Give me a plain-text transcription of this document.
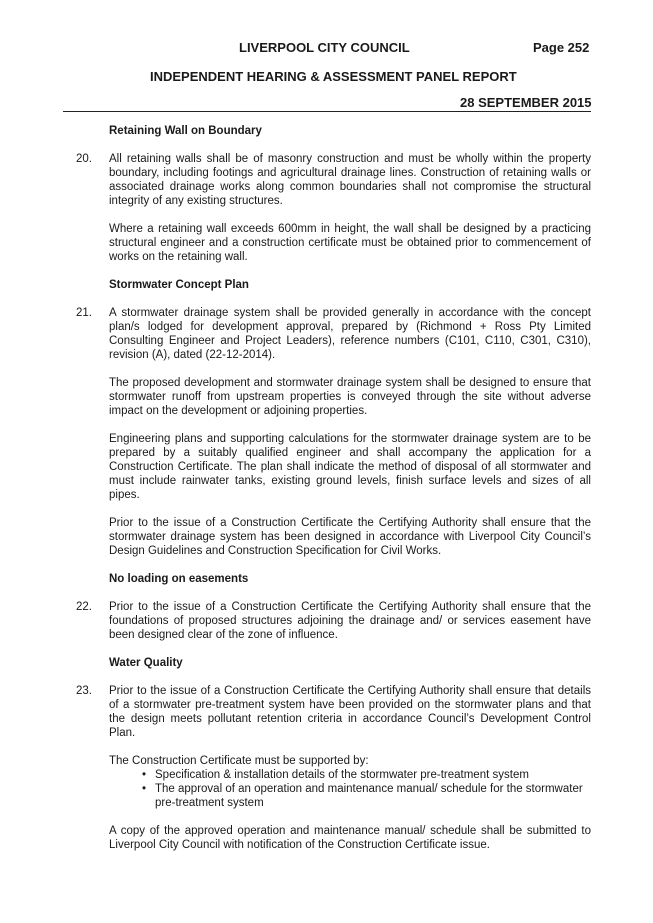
LIVERPOOL CITY COUNCIL	Page 252
INDEPENDENT HEARING & ASSESSMENT PANEL REPORT
28 SEPTEMBER 2015
Retaining Wall on Boundary
20.	All retaining walls shall be of masonry construction and must be wholly within the property boundary, including footings and agricultural drainage lines. Construction of retaining walls or associated drainage works along common boundaries shall not compromise the structural integrity of any existing structures.

Where a retaining wall exceeds 600mm in height, the wall shall be designed by a practicing structural engineer and a construction certificate must be obtained prior to commencement of works on the retaining wall.

Stormwater Concept Plan
21.	A stormwater drainage system shall be provided generally in accordance with the concept plan/s lodged for development approval, prepared by (Richmond + Ross Pty Limited Consulting Engineer and Project Leaders), reference numbers (C101, C110, C301, C310), revision (A), dated (22-12-2014).

The proposed development and stormwater drainage system shall be designed to ensure that stormwater runoff from upstream properties is conveyed through the site without adverse impact on the development or adjoining properties.

Engineering plans and supporting calculations for the stormwater drainage system are to be prepared by a suitably qualified engineer and shall accompany the application for a Construction Certificate. The plan shall indicate the method of disposal of all stormwater and must include rainwater tanks, existing ground levels, finish surface levels and sizes of all pipes.

Prior to the issue of a Construction Certificate the Certifying Authority shall ensure that the stormwater drainage system has been designed in accordance with Liverpool City Council’s Design Guidelines and Construction Specification for Civil Works.

No loading on easements
22.	Prior to the issue of a Construction Certificate the Certifying Authority shall ensure that the foundations of proposed structures adjoining the drainage and/ or services easement have been designed clear of the zone of influence.

Water Quality
23.	Prior to the issue of a Construction Certificate the Certifying Authority shall ensure that details of a stormwater pre-treatment system have been provided on the stormwater plans and that the design meets pollutant retention criteria in accordance Council’s Development Control Plan.

The Construction Certificate must be supported by:

• Specification & installation details of the stormwater pre-treatment system
• The approval of an operation and maintenance manual/ schedule for the stormwater pre-treatment system

A copy of the approved operation and maintenance manual/ schedule shall be submitted to Liverpool City Council with notification of the Construction Certificate issue.
